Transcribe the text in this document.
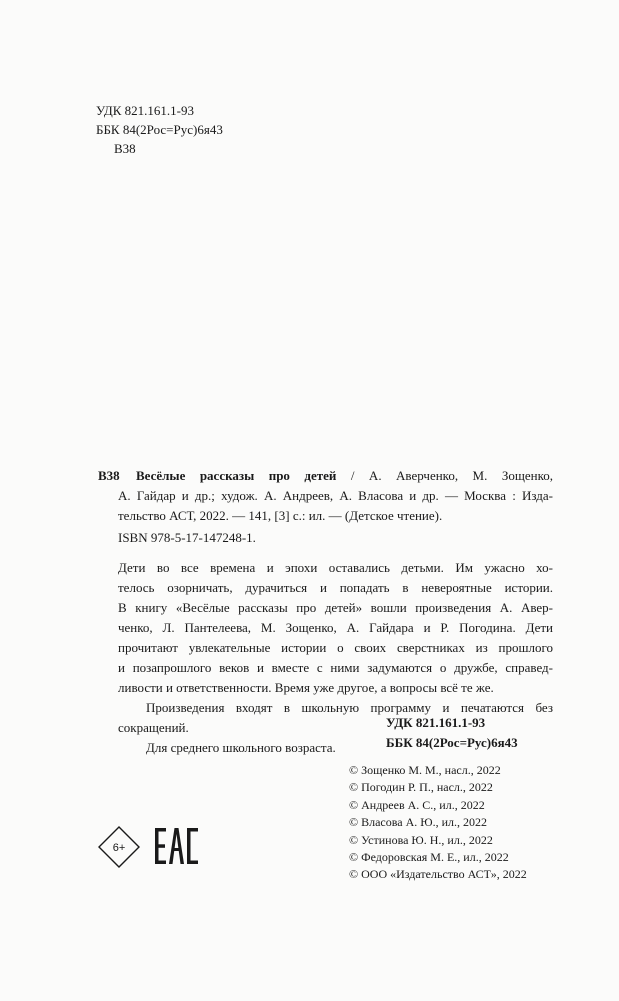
УДК 821.161.1-93
ББК 84(2Рос=Рус)6я43
В38
В38	Весёлые рассказы про детей / А. Аверченко, М. Зощенко,

А. Гайдар и др.; худож. А. Андреев, А. Власова и др. — Москва : Изда-

тельство АСТ, 2022. — 141, [3] с.: ил. — (Детское чтение).

ISBN 978-5-17-147248-1.

Дети во все времена и эпохи оставались детьми. Им ужасно хо-

телось озорничать, дурачиться и попадать в невероятные истории.

В книгу «Весёлые рассказы про детей» вошли произведения А. Авер-

ченко, Л. Пантелеева, М. Зощенко, А. Гайдара и Р. Погодина. Дети

прочитают увлекательные истории о своих сверстниках из прошлого

и позапрошлого веков и вместе с ними задумаются о дружбе, справед-

ливости и ответственности. Время уже другое, а вопросы всё те же.

Произведения входят в школьную программу и печатаются без

сокращений.

Для среднего школьного возраста.

УДК 821.161.1-93
ББК 84(2Рос=Рус)6я43
© Зощенко М. М., насл., 2022
© Погодин Р. П., насл., 2022
© Андреев А. С., ил., 2022
© Власова А. Ю., ил., 2022
© Устинова Ю. Н., ил., 2022
© Федоровская М. Е., ил., 2022
© ООО «Издательство АСТ», 2022
6+
